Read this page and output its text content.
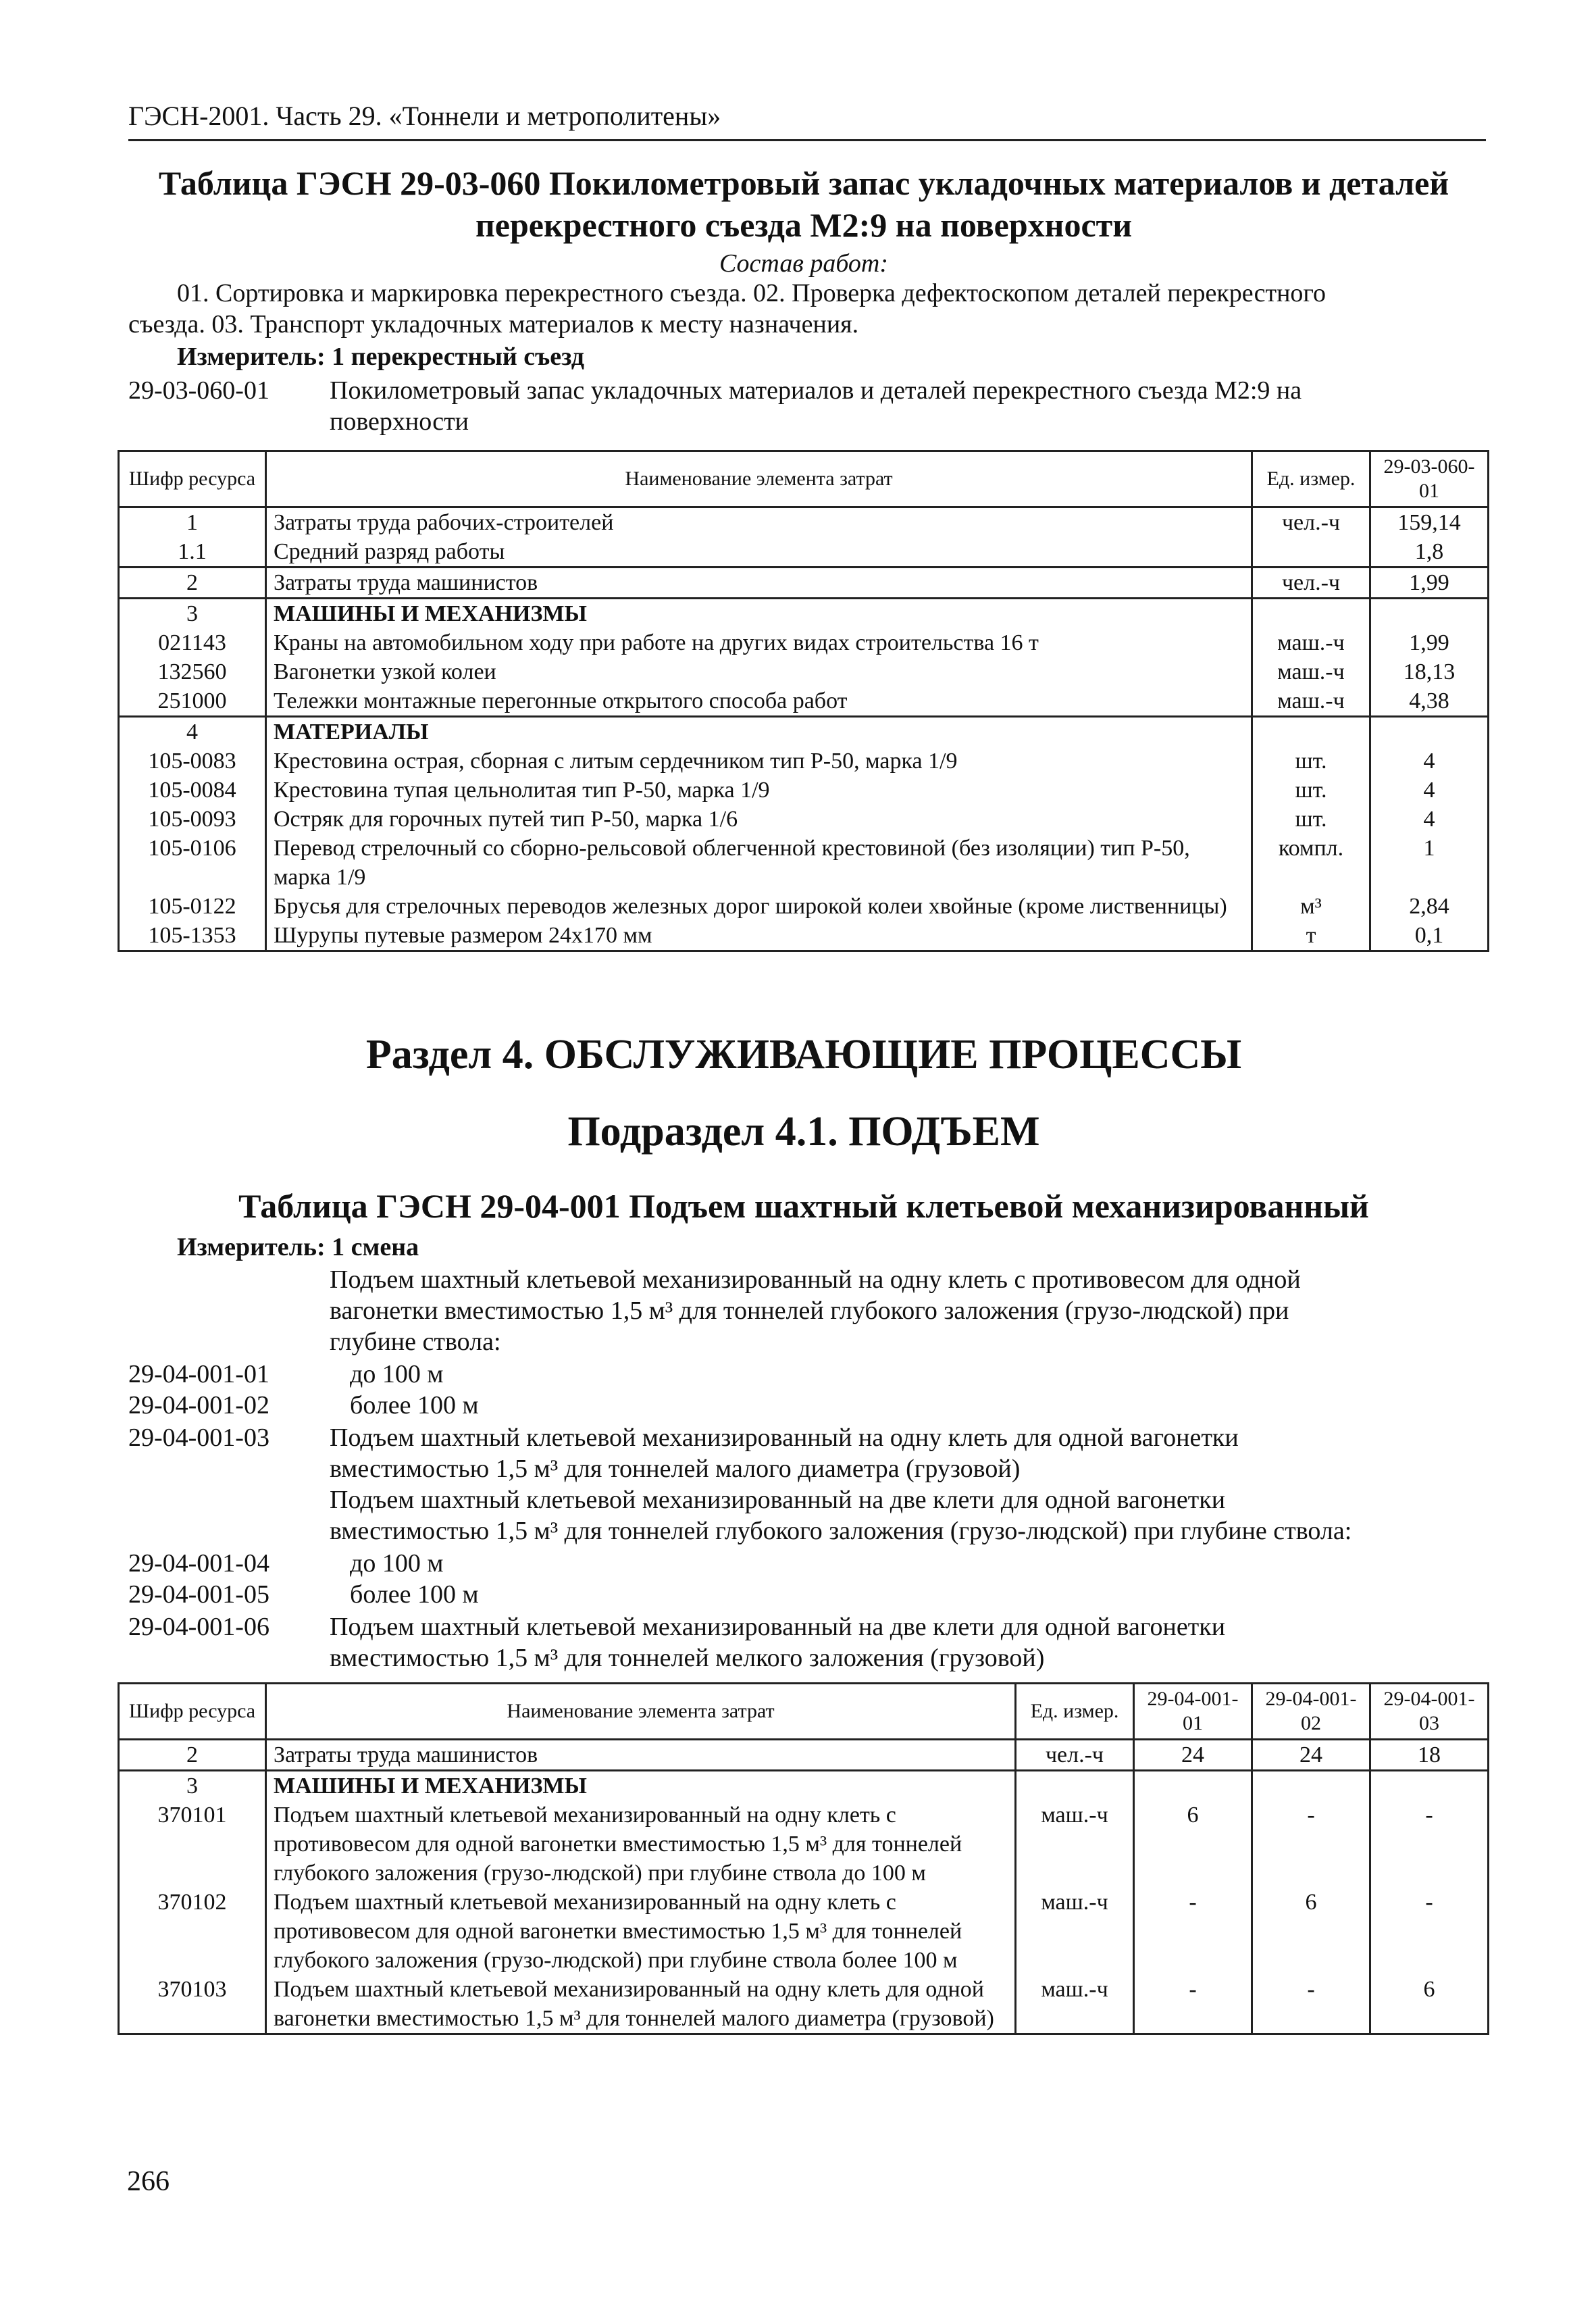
ГЭСН-2001. Часть 29. «Тоннели и метрополитены»
Таблица ГЭСН 29-03-060 Покилометровый запас укладочных материалов и деталей
перекрестного съезда М2:9 на поверхности
Состав работ:
01. Сортировка и маркировка перекрестного съезда. 02. Проверка дефектоскопом деталей перекрестного
съезда. 03. Транспорт укладочных материалов к месту назначения.
Измеритель: 1 перекрестный съезд
29-03-060-01 Покилометровый запас укладочных материалов и деталей перекрестного съезда М2:9 на
поверхности
Шифр ресурса	Наименование элемента затрат	Ед. измер.	29-03-060-01
1	Затраты труда рабочих-строителей	чел.-ч	159,14
1.1	Средний разряд работы		1,8
2	Затраты труда машинистов	чел.-ч	1,99
3	МАШИНЫ И МЕХАНИЗМЫ		
021143	Краны на автомобильном ходу при работе на других видах строительства 16 т	маш.-ч	1,99
132560	Вагонетки узкой колеи	маш.-ч	18,13
251000	Тележки монтажные перегонные открытого способа работ	маш.-ч	4,38
4	МАТЕРИАЛЫ		
105-0083	Крестовина острая, сборная с литым сердечником тип Р-50, марка 1/9	шт.	4
105-0084	Крестовина тупая цельнолитая тип Р-50, марка 1/9	шт.	4
105-0093	Остряк для горочных путей тип Р-50, марка 1/6	шт.	4
105-0106	Перевод стрелочный со сборно-рельсовой облегченной крестовиной (без изоляции) тип Р-50, марка 1/9	компл.	1
105-0122	Брусья для стрелочных переводов железных дорог широкой колеи хвойные (кроме лиственницы)	м³	2,84
105-1353	Шурупы путевые размером 24х170 мм	т	0,1
Раздел 4. ОБСЛУЖИВАЮЩИЕ ПРОЦЕССЫ
Подраздел 4.1. ПОДЪЕМ
Таблица ГЭСН 29-04-001 Подъем шахтный клетьевой механизированный
Измеритель: 1 смена
Подъем шахтный клетьевой механизированный на одну клеть с противовесом для одной
вагонетки вместимостью 1,5 м³ для тоннелей глубокого заложения (грузо-людской) при
глубине ствола:
29-04-001-01	до 100 м
29-04-001-02	более 100 м
29-04-001-03 Подъем шахтный клетьевой механизированный на одну клеть для одной вагонетки
вместимостью 1,5 м³ для тоннелей малого диаметра (грузовой)
Подъем шахтный клетьевой механизированный на две клети для одной вагонетки
вместимостью 1,5 м³ для тоннелей глубокого заложения (грузо-людской) при глубине ствола:
29-04-001-04	до 100 м
29-04-001-05	более 100 м
29-04-001-06 Подъем шахтный клетьевой механизированный на две клети для одной вагонетки
вместимостью 1,5 м³ для тоннелей мелкого заложения (грузовой)
Шифр ресурса	Наименование элемента затрат	Ед. измер.	29-04-001-01	29-04-001-02	29-04-001-03
2	Затраты труда машинистов	чел.-ч	24	24	18
3	МАШИНЫ И МЕХАНИЗМЫ				
370101	Подъем шахтный клетьевой механизированный на одну клеть с противовесом для одной вагонетки вместимостью 1,5 м³ для тоннелей глубокого заложения (грузо-людской) при глубине ствола до 100 м	маш.-ч	6	-	-
370102	Подъем шахтный клетьевой механизированный на одну клеть с противовесом для одной вагонетки вместимостью 1,5 м³ для тоннелей глубокого заложения (грузо-людской) при глубине ствола более 100 м	маш.-ч	-	6	-
370103	Подъем шахтный клетьевой механизированный на одну клеть для одной вагонетки вместимостью 1,5 м³ для тоннелей малого диаметра (грузовой)	маш.-ч	-	-	6
266
